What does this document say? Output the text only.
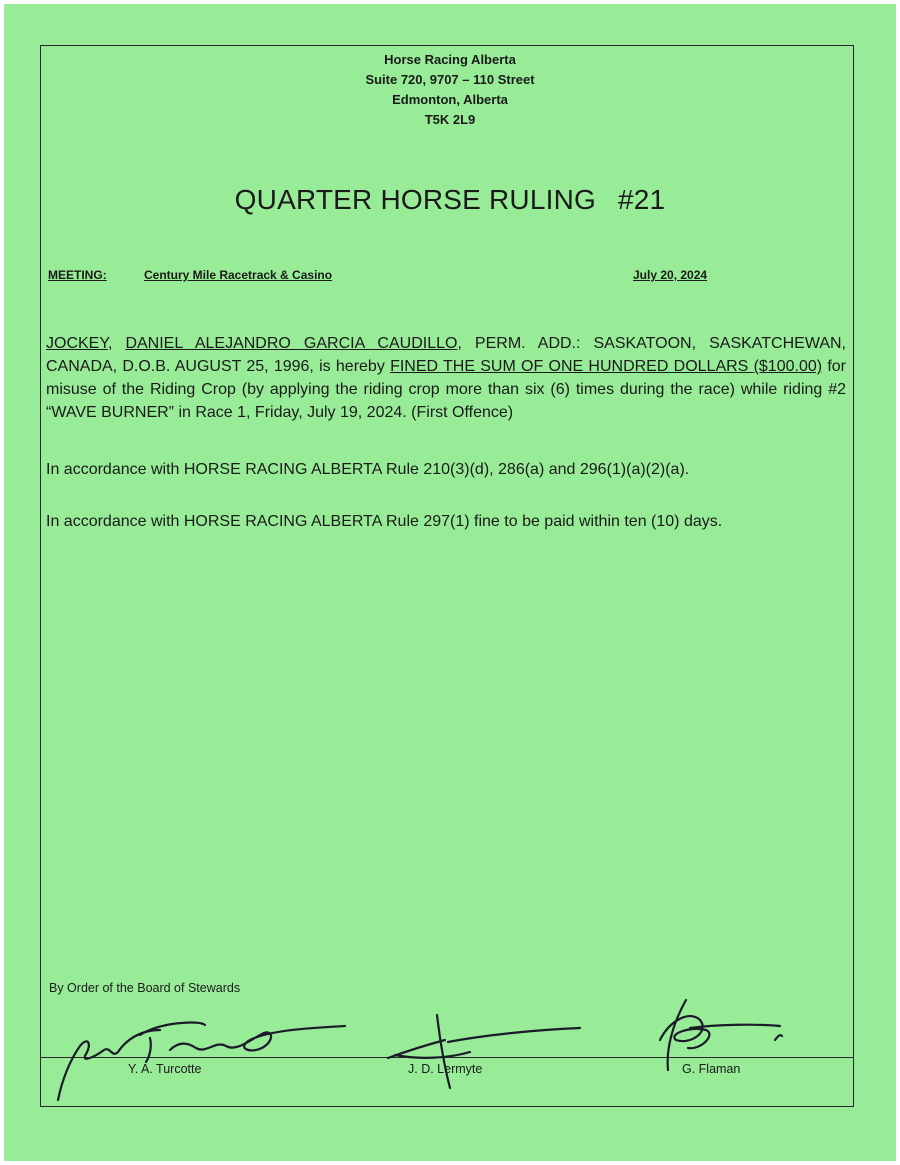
Horse Racing Alberta
Suite 720, 9707 – 110 Street
Edmonton, Alberta
T5K 2L9
QUARTER HORSE RULING #21
MEETING:	Century Mile Racetrack & Casino	July 20, 2024
JOCKEY, DANIEL ALEJANDRO GARCIA CAUDILLO, PERM. ADD.: SASKATOON, SASKATCHEWAN, CANADA, D.O.B. AUGUST 25, 1996, is hereby FINED THE SUM OF ONE HUNDRED DOLLARS ($100.00) for misuse of the Riding Crop (by applying the riding crop more than six (6) times during the race) while riding #2 “WAVE BURNER” in Race 1, Friday, July 19, 2024. (First Offence)
In accordance with HORSE RACING ALBERTA Rule 210(3)(d), 286(a) and 296(1)(a)(2)(a).
In accordance with HORSE RACING ALBERTA Rule 297(1) fine to be paid within ten (10) days.
By Order of the Board of Stewards
Y. A. Turcotte	J. D. Lermyte	G. Flaman
